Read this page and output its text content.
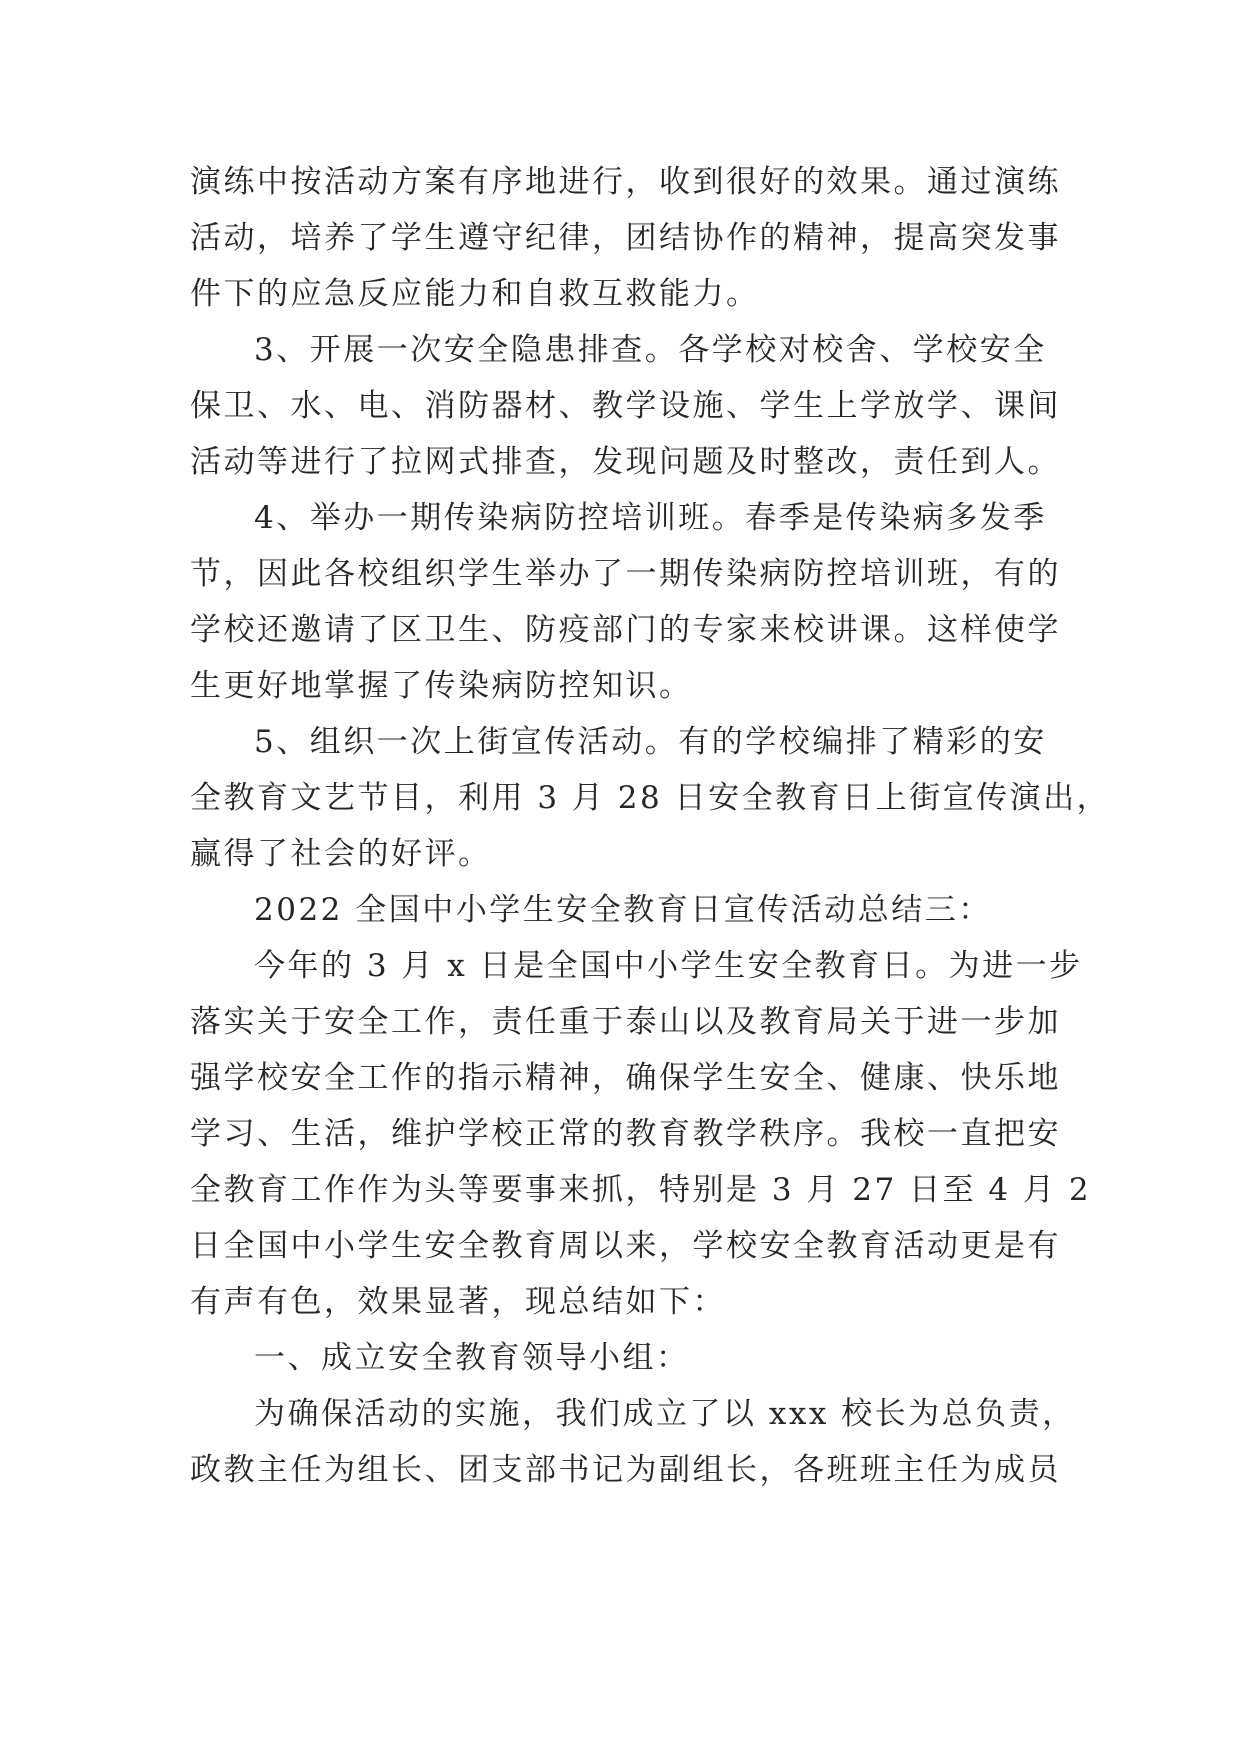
演练中按活动方案有序地进行，收到很好的效果。通过演练
活动，培养了学生遵守纪律，团结协作的精神，提高突发事
件下的应急反应能力和自救互救能力。
3、开展一次安全隐患排查。各学校对校舍、学校安全
保卫、水、电、消防器材、教学设施、学生上学放学、课间
活动等进行了拉网式排查，发现问题及时整改，责任到人。
4、举办一期传染病防控培训班。春季是传染病多发季
节，因此各校组织学生举办了一期传染病防控培训班，有的
学校还邀请了区卫生、防疫部门的专家来校讲课。这样使学
生更好地掌握了传染病防控知识。
5、组织一次上街宣传活动。有的学校编排了精彩的安
全教育文艺节目，利用 3 月 28 日安全教育日上街宣传演出，
赢得了社会的好评。
2022 全国中小学生安全教育日宣传活动总结三：
今年的 3 月 x 日是全国中小学生安全教育日。为进一步
落实关于安全工作，责任重于泰山以及教育局关于进一步加
强学校安全工作的指示精神，确保学生安全、健康、快乐地
学习、生活，维护学校正常的教育教学秩序。我校一直把安
全教育工作作为头等要事来抓，特别是 3 月 27 日至 4 月 2
日全国中小学生安全教育周以来，学校安全教育活动更是有
有声有色，效果显著，现总结如下：
一、成立安全教育领导小组：
为确保活动的实施，我们成立了以 xxx 校长为总负责，
政教主任为组长、团支部书记为副组长，各班班主任为成员
